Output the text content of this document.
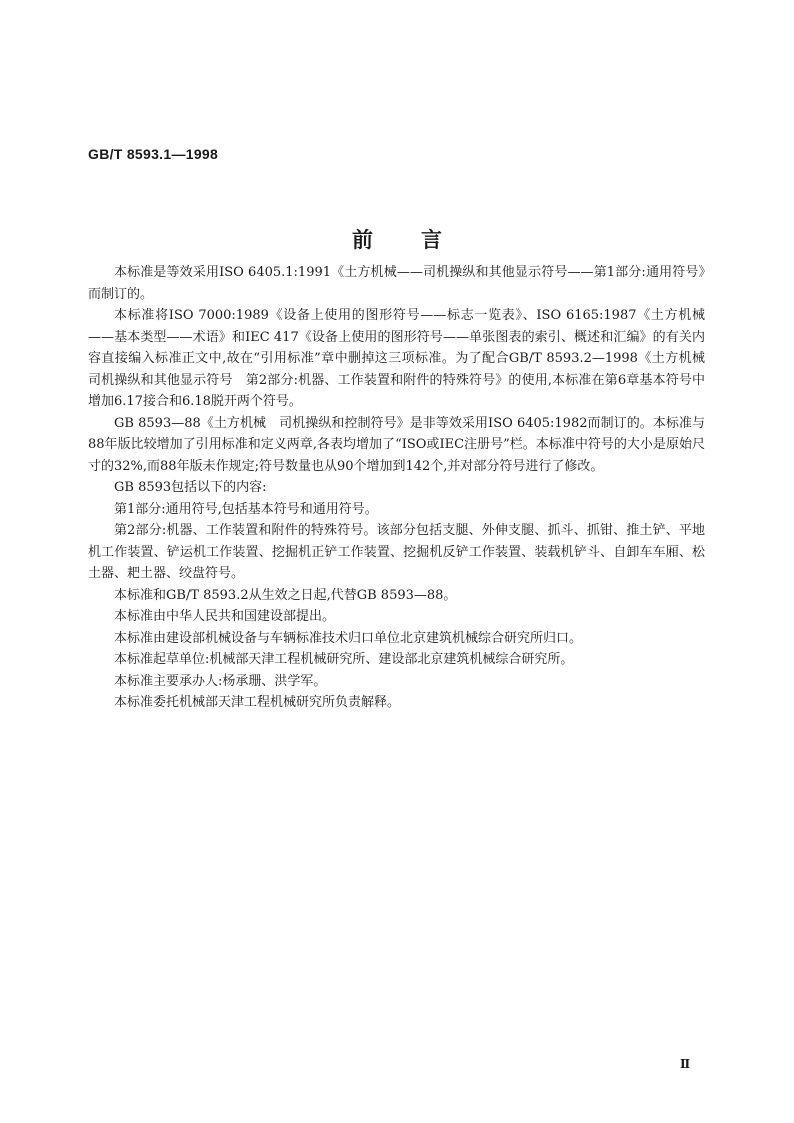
GB/T 8593.1—1998
前言

本标准是等效采用ISO 6405.1:1991《土方机械——司机操纵和其他显示符号——第1部分:通用符号》而制订的。

本标准将ISO 7000:1989《设备上使用的图形符号——标志一览表》、ISO 6165:1987《土方机械——基本类型——术语》和IEC 417《设备上使用的图形符号——单张图表的索引、概述和汇编》的有关内容直接编入标准正文中,故在“引用标准”章中删掉这三项标准。为了配合GB/T 8593.2—1998《土方机械　司机操纵和其他显示符号　第2部分:机器、工作装置和附件的特殊符号》的使用,本标准在第6章基本符号中增加6.17接合和6.18脱开两个符号。

GB 8593—88《土方机械　司机操纵和控制符号》是非等效采用ISO 6405:1982而制订的。本标准与88年版比较增加了引用标准和定义两章,各表均增加了“ISO或IEC注册号”栏。本标准中符号的大小是原始尺寸的32%,而88年版未作规定;符号数量也从90个增加到142个,并对部分符号进行了修改。

GB 8593包括以下的内容:

第1部分:通用符号,包括基本符号和通用符号。

第2部分:机器、工作装置和附件的特殊符号。该部分包括支腿、外伸支腿、抓斗、抓钳、推土铲、平地机工作装置、铲运机工作装置、挖掘机正铲工作装置、挖掘机反铲工作装置、装载机铲斗、自卸车车厢、松土器、耙土器、绞盘符号。

本标准和GB/T 8593.2从生效之日起,代替GB 8593—88。

本标准由中华人民共和国建设部提出。

本标准由建设部机械设备与车辆标准技术归口单位北京建筑机械综合研究所归口。

本标准起草单位:机械部天津工程机械研究所、建设部北京建筑机械综合研究所。

本标准主要承办人:杨承珊、洪学军。

本标准委托机械部天津工程机械研究所负责解释。

Ⅱ
